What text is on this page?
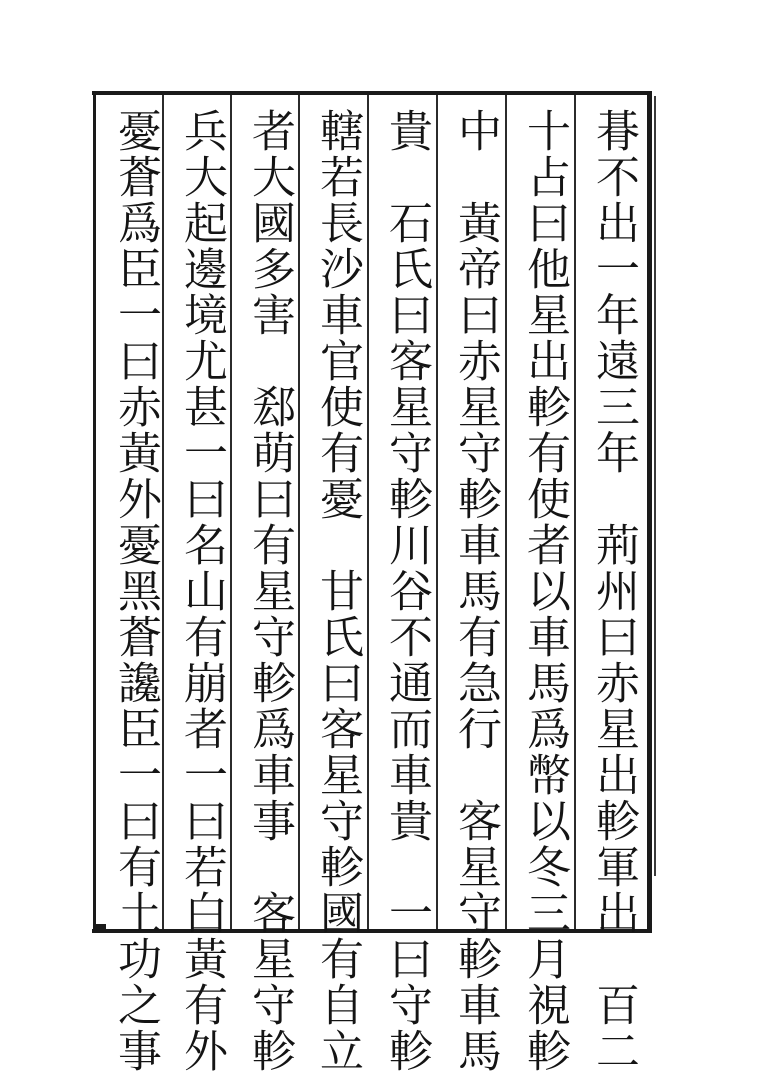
朞不出一年遠三年　荊州曰赤星出軫軍出　百二
十占曰他星出軫有使者以車馬爲幣以冬三月視軫
中　黃帝曰赤星守軫車馬有急行　客星守軫車馬
貴　石氏曰客星守軫川谷不通而車貴　一曰守軫
轄若長沙車官使有憂　甘氏曰客星守軫國有自立
者大國多害　郄萌曰有星守軫爲車事　客星守軫
兵大起邊境尤甚一曰名山有崩者一曰若白黃有外
憂蒼爲臣一曰赤黃外憂黑蒼讒臣一曰有土功之事
